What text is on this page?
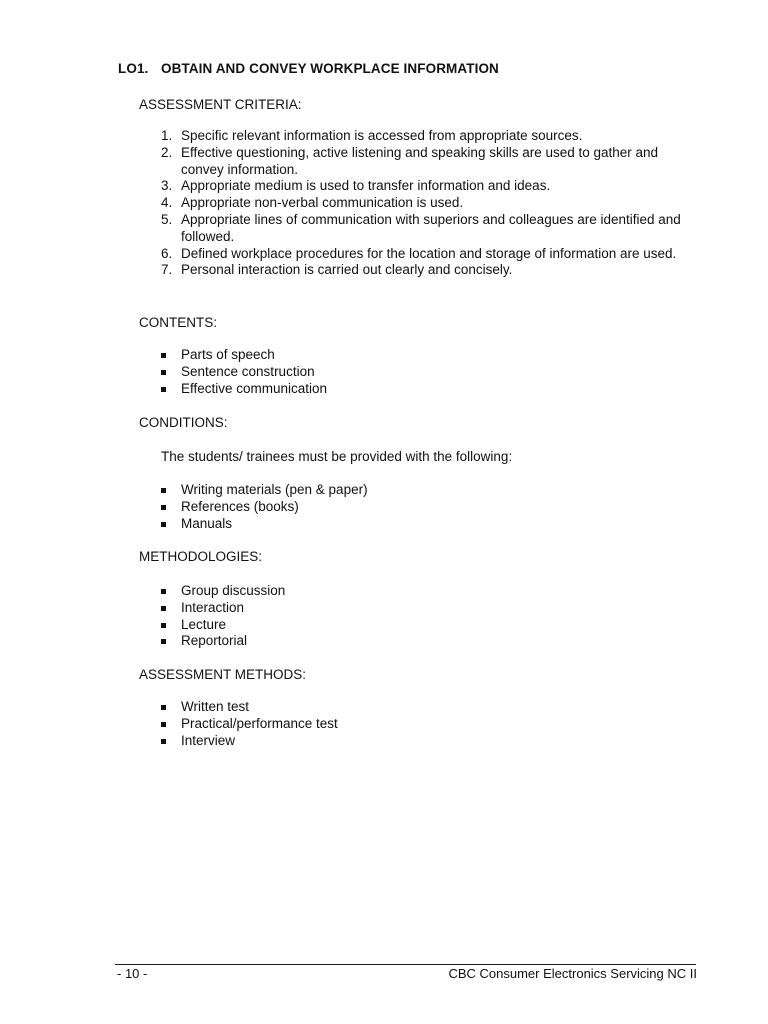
LO1. OBTAIN AND CONVEY WORKPLACE INFORMATION
ASSESSMENT CRITERIA:
1. Specific relevant information is accessed from appropriate sources.
2. Effective questioning, active listening and speaking skills are used to gather and convey information.
3. Appropriate medium is used to transfer information and ideas.
4. Appropriate non-verbal communication is used.
5. Appropriate lines of communication with superiors and colleagues are identified and followed.
6. Defined workplace procedures for the location and storage of information are used.
7. Personal interaction is carried out clearly and concisely.
CONTENTS:
Parts of speech
Sentence construction
Effective communication
CONDITIONS:
The students/ trainees must be provided with the following:
Writing materials (pen & paper)
References (books)
Manuals
METHODOLOGIES:
Group discussion
Interaction
Lecture
Reportorial
ASSESSMENT METHODS:
Written test
Practical/performance test
Interview
- 10 -	CBC Consumer Electronics Servicing NC II
